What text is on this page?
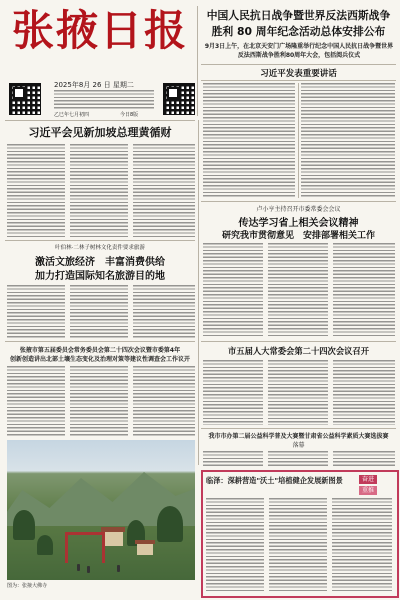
张掖日报
2025年8月 26 日 星期二
乙巳年七月初四	今日8版
中国人民抗日战争暨世界反法西斯战争
胜利 80 周年纪念活动总体安排公布
9月3日上午，在北京天安门广场隆重举行纪念中国人民抗日战争暨世界反法西斯战争胜利80周年大会，包括阅兵仪式
习近平发表重要讲话
习近平会见新加坡总理黄循财
叶伯林·二林子树林文化责件要求旅游
激活文旅经济　丰富消费供给
加力打造国际知名旅游目的地
卢小亨主持召开市委常委会会议
传达学习省上相关会议精神
研究我市贯彻意见　安排部署相关工作
市五届人大常委会第二十四次会议召开
张掖市第五届委员会常务委员会第二十四次会议暨市委第4年
创新创造讲出北部土壤生态变化及治理对策等建议性调查会工作议开
我市市办第二届公益科学普及大赛暨甘肃省公益科学素质大赛选拔赛
落幕
图为：张掖大佛寺
临泽：深耕营造"沃土"培植健企发展新图景	奋进
重推
